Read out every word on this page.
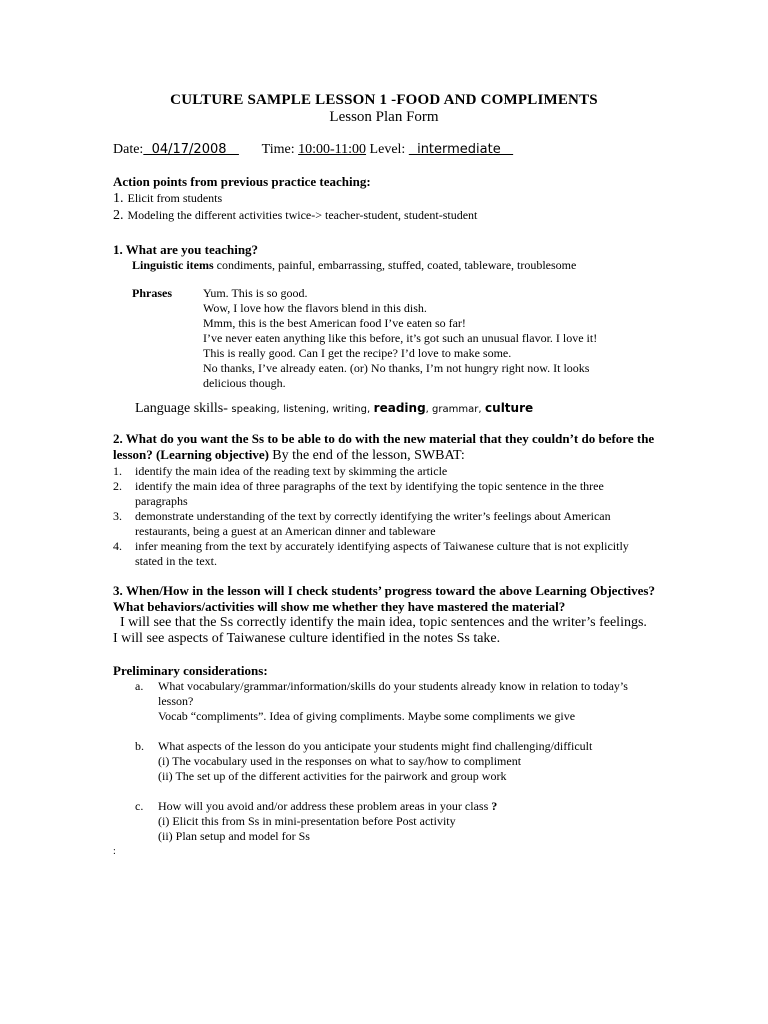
CULTURE SAMPLE LESSON 1 -FOOD AND COMPLIMENTS
Lesson Plan Form
Date:  04/17/2008     Time: 10:00-11:00 Level:   intermediate
Action points from previous practice teaching:
1. Elicit from students
2. Modeling the different activities twice-> teacher-student, student-student
1. What are you teaching?
Linguistic items condiments, painful, embarrassing, stuffed, coated, tableware, troublesome
Phrases	Yum. This is so good.
Wow, I love how the flavors blend in this dish.
Mmm, this is the best American food I’ve eaten so far!
I’ve never eaten anything like this before, it’s got such an unusual flavor. I love it!
This is really good. Can I get the recipe? I’d love to make some.
No thanks, I’ve already eaten. (or) No thanks, I’m not hungry right now. It looks delicious though.
Language skills- speaking, listening, writing, reading, grammar, culture
2. What do you want the Ss to be able to do with the new material that they couldn’t do before the lesson? (Learning objective) By the end of the lesson, SWBAT:
1.	identify the main idea of the reading text by skimming the article
2.	identify the main idea of three paragraphs of the text by identifying the topic sentence in the three paragraphs
3.	demonstrate understanding of the text by correctly identifying the writer’s feelings about American restaurants, being a guest at an American dinner and tableware
4.	infer meaning from the text by accurately identifying aspects of Taiwanese culture that is not explicitly stated in the text.
3. When/How in the lesson will I check students’ progress toward the above Learning Objectives? What behaviors/activities will show me whether they have mastered the material?
I will see that the Ss correctly identify the main idea, topic sentences and the writer’s feelings.  I will see aspects of Taiwanese culture identified in the notes Ss take.
Preliminary considerations:
a.	What vocabulary/grammar/information/skills do your students already know in relation to today’s lesson?
Vocab “compliments”. Idea of giving compliments. Maybe some compliments we give
b.	What aspects of the lesson do you anticipate your students might find challenging/difficult
(i) The vocabulary used in the responses on what to say/how to compliment
(ii) The set up of the different activities for the pairwork and group work
c.	How will you avoid and/or address these problem areas in your class ?
(i) Elicit this from Ss in mini-presentation before Post activity
(ii) Plan setup and model for Ss
:
